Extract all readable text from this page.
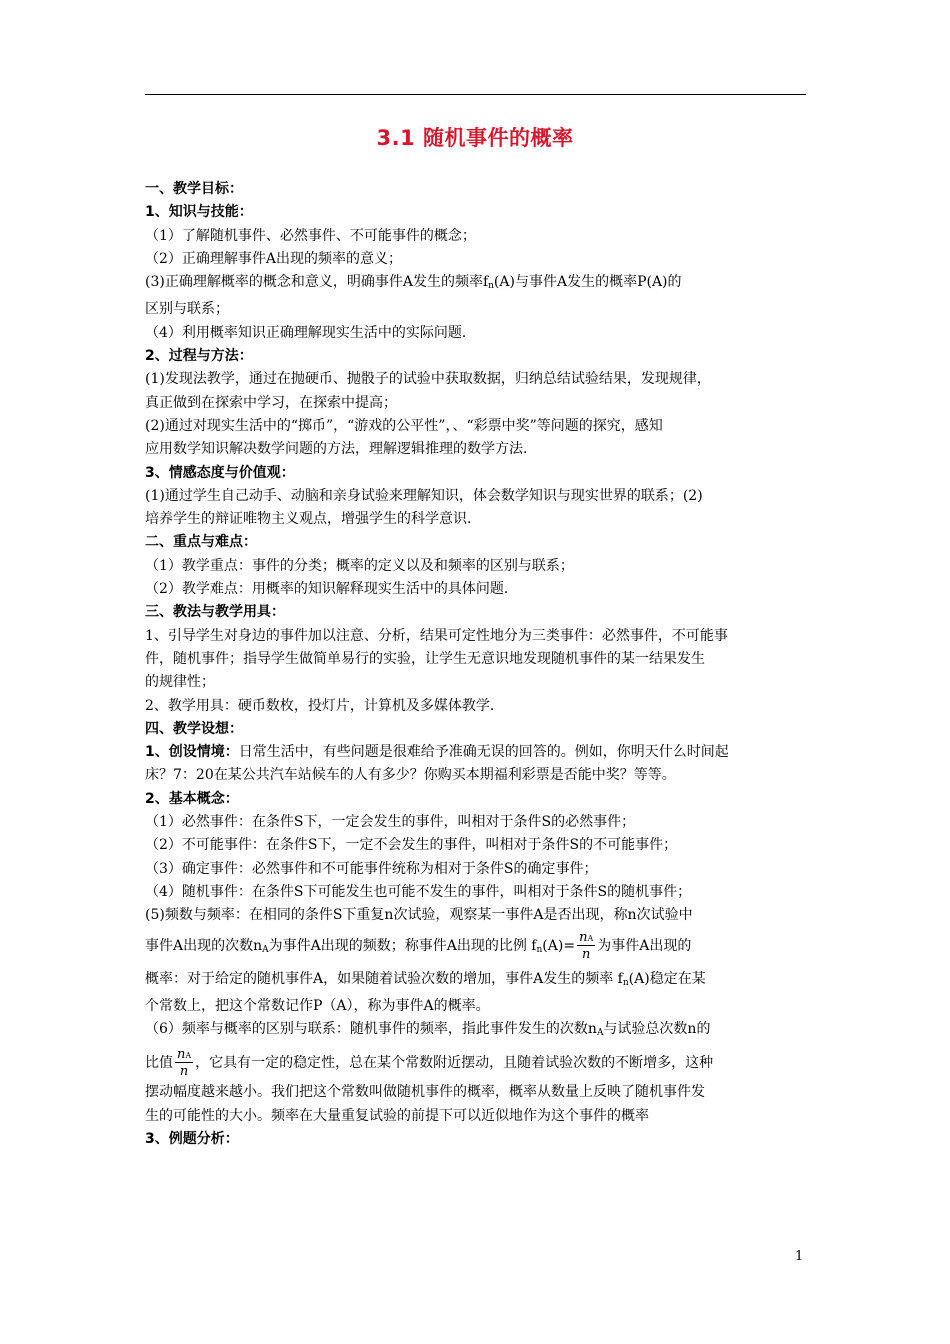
3.1 随机事件的概率
一、教学目标：
1、知识与技能：
（1）了解随机事件、必然事件、不可能事件的概念；
（2）正确理解事件A出现的频率的意义；
(3)正确理解概率的概念和意义，明确事件A发生的频率$f_n(A)$与事件A发生的概率P(A)的
区别与联系；
（4）利用概率知识正确理解现实生活中的实际问题．
2、过程与方法：
(1)发现法教学，通过在抛硬币、抛骰子的试验中获取数据，归纳总结试验结果，发现规律，
真正做到在探索中学习，在探索中提高；
(2)通过对现实生活中的“掷币”，“游戏的公平性”，、“彩票中奖”等问题的探究，感知
应用数学知识解决数学问题的方法，理解逻辑推理的数学方法．
3、情感态度与价值观：
(1)通过学生自己动手、动脑和亲身试验来理解知识，体会数学知识与现实世界的联系；(2)
培养学生的辩证唯物主义观点，增强学生的科学意识．
二、重点与难点：
（1）教学重点：事件的分类；概率的定义以及和频率的区别与联系；
（2）教学难点：用概率的知识解释现实生活中的具体问题．
三、教法与教学用具：
1、引导学生对身边的事件加以注意、分析，结果可定性地分为三类事件：必然事件，不可能事
件，随机事件；指导学生做简单易行的实验，让学生无意识地发现随机事件的某一结果发生
的规律性；
2、教学用具：硬币数枚，投灯片，计算机及多媒体教学．
四、教学设想：
1、创设情境：日常生活中，有些问题是很难给予准确无误的回答的。例如，你明天什么时间起
床？7：20在某公共汽车站候车的人有多少？你购买本期福利彩票是否能中奖？等等。
2、基本概念：
（1）必然事件：在条件S下，一定会发生的事件，叫相对于条件S的必然事件；
（2）不可能事件：在条件S下，一定不会发生的事件，叫相对于条件S的不可能事件；
（3）确定事件：必然事件和不可能事件统称为相对于条件S的确定事件；
（4）随机事件：在条件S下可能发生也可能不发生的事件，叫相对于条件S的随机事件；
(5)频数与频率：在相同的条件S下重复n次试验，观察某一事件A是否出现，称n次试验中
事件A出现的次数$n_A$为事件A出现的频数；称事件A出现的比例 $f_n(A)= \frac{nA}{n}$ 为事件A出现的
概率：对于给定的随机事件A，如果随着试验次数的增加，事件A发生的频率 $f_n(A)$稳定在某
个常数上，把这个常数记作P（A），称为事件A的概率。
（6）频率与概率的区别与联系：随机事件的频率，指此事件发生的次数$n_A$与试验总次数n的
比值 $\frac{nA}{n}$ ，它具有一定的稳定性，总在某个常数附近摆动，且随着试验次数的不断增多，这种
摆动幅度越来越小。我们把这个常数叫做随机事件的概率，概率从数量上反映了随机事件发
生的可能性的大小。频率在大量重复试验的前提下可以近似地作为这个事件的概率
3、例题分析：
1
